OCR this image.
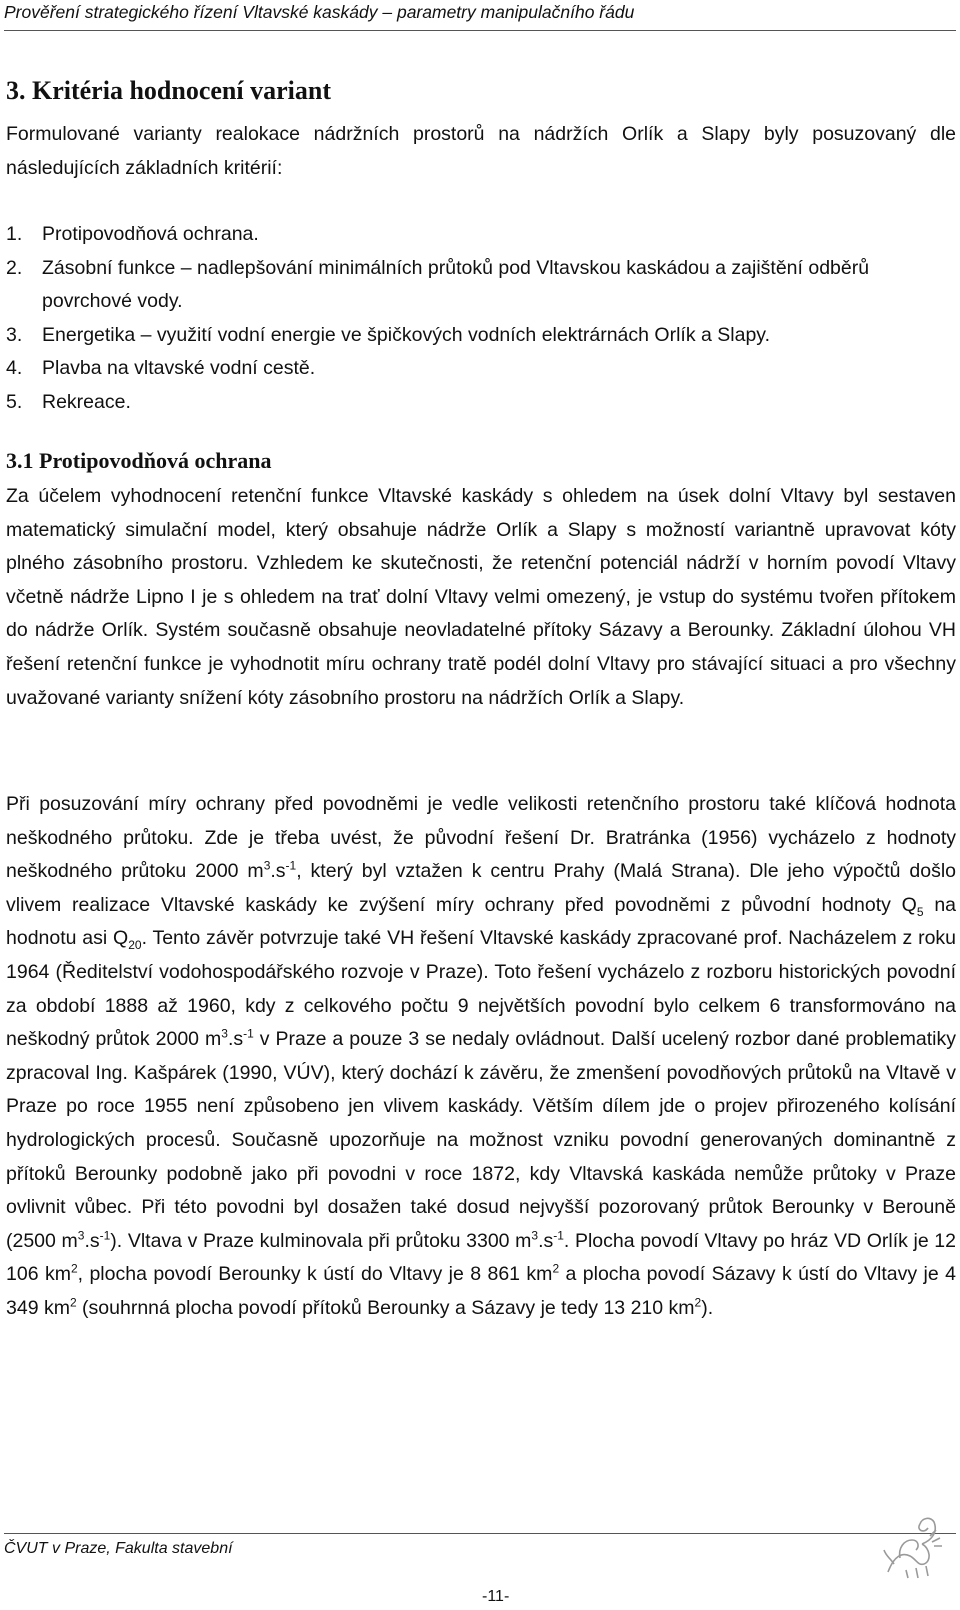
Prověření strategického řízení Vltavské kaskády – parametry manipulačního řádu
3. Kritéria hodnocení variant
Formulované varianty realokace nádržních prostorů na nádržích Orlík a Slapy byly posuzovaný dle následujících základních kritérií:
1. Protipovodňová ochrana.
2. Zásobní funkce – nadlepšování minimálních průtoků pod Vltavskou kaskádou a zajištění odběrů povrchové vody.
3. Energetika – využití vodní energie ve špičkových vodních elektrárnách Orlík a Slapy.
4. Plavba na vltavské vodní cestě.
5. Rekreace.
3.1 Protipovodňová ochrana
Za účelem vyhodnocení retenční funkce Vltavské kaskády s ohledem na úsek dolní Vltavy byl sestaven matematický simulační model, který obsahuje nádrže Orlík a Slapy s možností variantně upravovat kóty plného zásobního prostoru. Vzhledem ke skutečnosti, že retenční potenciál nádrží v horním povodí Vltavy včetně nádrže Lipno I je s ohledem na trať dolní Vltavy velmi omezený, je vstup do systému tvořen přítokem do nádrže Orlík. Systém současně obsahuje neovladatelné přítoky Sázavy a Berounky. Základní úlohou VH řešení retenční funkce je vyhodnotit míru ochrany tratě podél dolní Vltavy pro stávající situaci a pro všechny uvažované varianty snížení kóty zásobního prostoru na nádržích Orlík a Slapy.
Při posuzování míry ochrany před povodněmi je vedle velikosti retenčního prostoru také klíčová hodnota neškodného průtoku. Zde je třeba uvést, že původní řešení Dr. Bratránka (1956) vycházelo z hodnoty neškodného průtoku 2000 $m^3.s^{-1}$, který byl vztažen k centru Prahy (Malá Strana). Dle jeho výpočtů došlo vlivem realizace Vltavské kaskády ke zvýšení míry ochrany před povodněmi z původní hodnoty $Q_5$ na hodnotu asi $Q_{20}$. Tento závěr potvrzuje také VH řešení Vltavské kaskády zpracované prof. Nacházelem z roku 1964 (Ředitelství vodohospodářského rozvoje v Praze). Toto řešení vycházelo z rozboru historických povodní za období 1888 až 1960, kdy z celkového počtu 9 největších povodní bylo celkem 6 transformováno na neškodný průtok 2000 $m^3.s^{-1}$ v Praze a pouze 3 se nedaly ovládnout. Další ucelený rozbor dané problematiky zpracoval Ing. Kašpárek (1990, VÚV), který dochází k závěru, že zmenšení povodňových průtoků na Vltavě v Praze po roce 1955 není způsobeno jen vlivem kaskády. Větším dílem jde o projev přirozeného kolísání hydrologických procesů. Současně upozorňuje na možnost vzniku povodní generovaných dominantně z přítoků Berounky podobně jako při povodni v roce 1872, kdy Vltavská kaskáda nemůže průtoky v Praze ovlivnit vůbec. Při této povodni byl dosažen také dosud nejvyšší pozorovaný průtok Berounky v Berouně (2500 $m^3.s^{-1}$). Vltava v Praze kulminovala při průtoku 3300 $m^3.s^{-1}$. Plocha povodí Vltavy po hráz VD Orlík je 12 106 $km^2$, plocha povodí Berounky k ústí do Vltavy je 8 861 $km^2$ a plocha povodí Sázavy k ústí do Vltavy je 4 349 $km^2$ (souhrnná plocha povodí přítoků Berounky a Sázavy je tedy 13 210 $km^2$).
ČVUT v Praze, Fakulta stavební
-11-
